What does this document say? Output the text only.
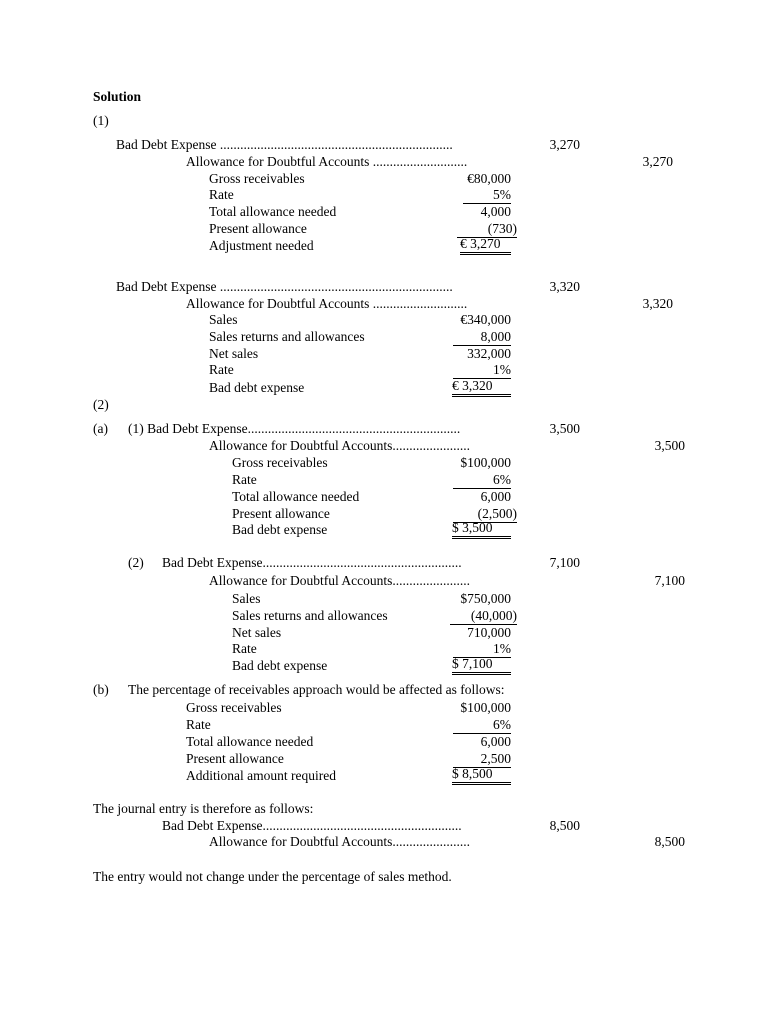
Solution
(1)
Bad Debt Expense .....................................................................	3,270
Allowance for Doubtful Accounts ............................	3,270
Gross receivables	€80,000
Rate	5%
Total allowance needed	4,000
Present allowance	(730)
Adjustment needed	€ 3,270
Bad Debt Expense .....................................................................	3,320
Allowance for Doubtful Accounts ............................	3,320
Sales	€340,000
Sales returns and allowances	8,000
Net sales	332,000
Rate	1%
Bad debt expense	€ 3,320
(2)
(a) (1) Bad Debt Expense...............................................................	3,500
Allowance for Doubtful Accounts.......................	3,500
Gross receivables	$100,000
Rate	6%
Total allowance needed	6,000
Present allowance	(2,500)
Bad debt expense	$ 3,500
(2) Bad Debt Expense...........................................................	7,100
Allowance for Doubtful Accounts.......................	7,100
Sales	$750,000
Sales returns and allowances	(40,000)
Net sales	710,000
Rate	1%
Bad debt expense	$ 7,100
(b) The percentage of receivables approach would be affected as follows:
Gross receivables	$100,000
Rate	6%
Total allowance needed	6,000
Present allowance	2,500
Additional amount required	$ 8,500
The journal entry is therefore as follows:
Bad Debt Expense...........................................................	8,500
Allowance for Doubtful Accounts.......................	8,500
The entry would not change under the percentage of sales method.
